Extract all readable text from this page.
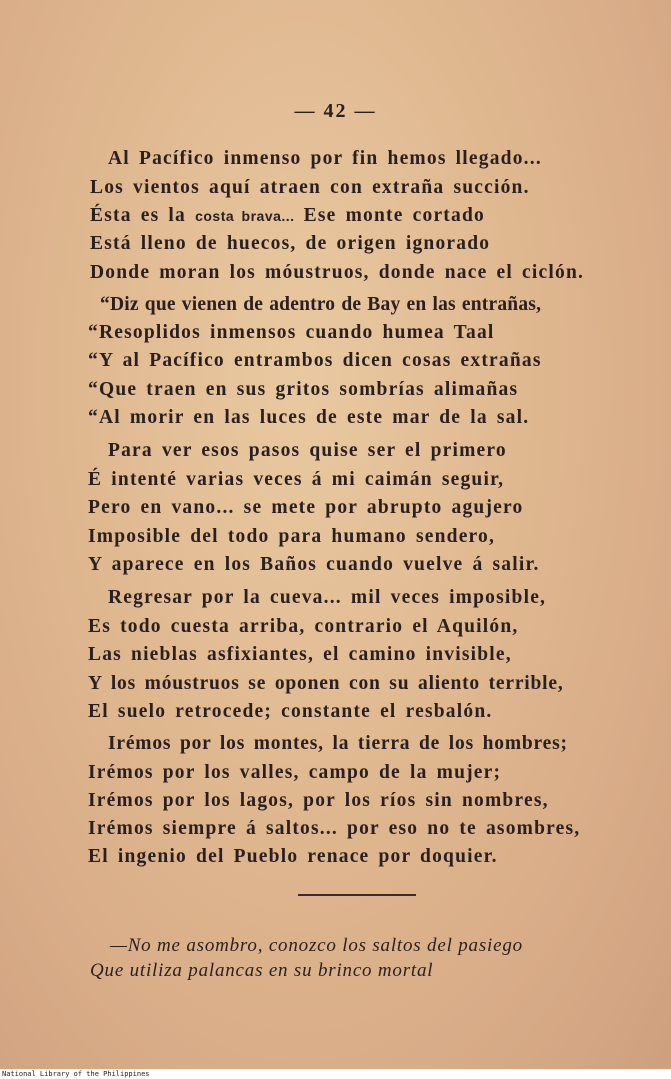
— 42 —
Al Pacífico inmenso por fin hemos llegado...
Los vientos aquí atraen con extraña succión.
Ésta es la costa brava... Ese monte cortado
Está lleno de huecos, de origen ignorado
Donde moran los móustruos, donde nace el ciclón.
“Diz que vienen de adentro de Bay en las entrañas,
“Resoplidos inmensos cuando humea Taal
“Y al Pacífico entrambos dicen cosas extrañas
“Que traen en sus gritos sombrías alimañas
“Al morir en las luces de este mar de la sal.
Para ver esos pasos quise ser el primero
É intenté varias veces á mi caimán seguir,
Pero en vano... se mete por abrupto agujero
Imposible del todo para humano sendero,
Y aparece en los Baños cuando vuelve á salir.
Regresar por la cueva... mil veces imposible,
Es todo cuesta arriba, contrario el Aquilón,
Las nieblas asfixiantes, el camino invisible,
Y los móustruos se oponen con su aliento terrible,
El suelo retrocede; constante el resbalón.
Irémos por los montes, la tierra de los hombres;
Irémos por los valles, campo de la mujer;
Irémos por los lagos, por los ríos sin nombres,
Irémos siempre á saltos... por eso no te asombres,
El ingenio del Pueblo renace por doquier.
—No me asombro, conozco los saltos del pasiego
Que utiliza palancas en su brinco mortal
National Library of the Philippines
